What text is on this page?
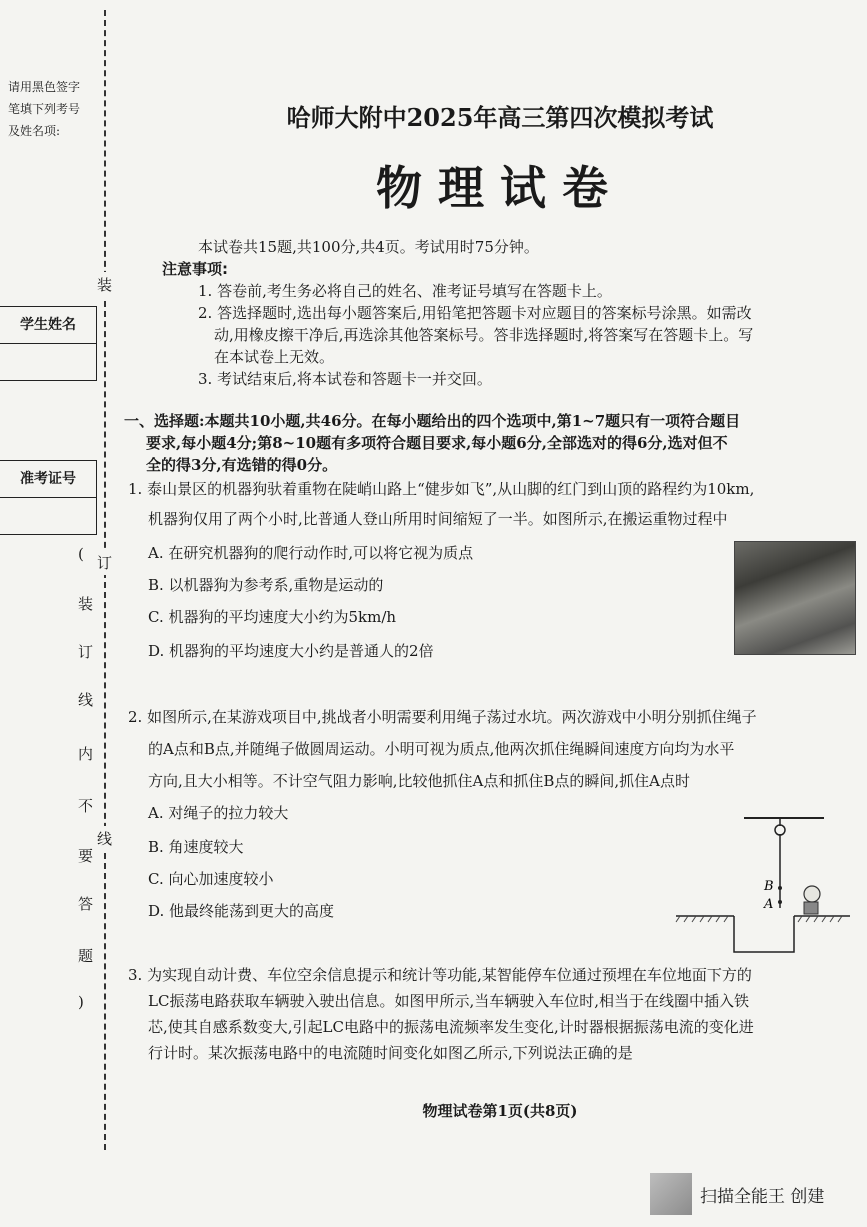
请用黑色签字
笔填下列考号
及姓名项:
装
订
线
(
装
订
线
内
不
要
答
题
)
学生姓名
准考证号
哈师大附中2025年高三第四次模拟考试
物理试卷
本试卷共15题,共100分,共4页。考试用时75分钟。
注意事项:
1. 答卷前,考生务必将自己的姓名、准考证号填写在答题卡上。
2. 答选择题时,选出每小题答案后,用铅笔把答题卡对应题目的答案标号涂黑。如需改
动,用橡皮擦干净后,再选涂其他答案标号。答非选择题时,将答案写在答题卡上。写
在本试卷上无效。
3. 考试结束后,将本试卷和答题卡一并交回。
一、选择题:本题共10小题,共46分。在每小题给出的四个选项中,第1~7题只有一项符合题目
要求,每小题4分;第8~10题有多项符合题目要求,每小题6分,全部选对的得6分,选对但不
全的得3分,有选错的得0分。
1. 泰山景区的机器狗驮着重物在陡峭山路上“健步如飞”,从山脚的红门到山顶的路程约为10km,
机器狗仅用了两个小时,比普通人登山所用时间缩短了一半。如图所示,在搬运重物过程中
A. 在研究机器狗的爬行动作时,可以将它视为质点
B. 以机器狗为参考系,重物是运动的
C. 机器狗的平均速度大小约为5km/h
D. 机器狗的平均速度大小约是普通人的2倍
2. 如图所示,在某游戏项目中,挑战者小明需要利用绳子荡过水坑。两次游戏中小明分别抓住绳子
的A点和B点,并随绳子做圆周运动。小明可视为质点,他两次抓住绳瞬间速度方向均为水平
方向,且大小相等。不计空气阻力影响,比较他抓住A点和抓住B点的瞬间,抓住A点时
A. 对绳子的拉力较大
B. 角速度较大
C. 向心加速度较小
D. 他最终能荡到更大的高度
B
A
3. 为实现自动计费、车位空余信息提示和统计等功能,某智能停车位通过预埋在车位地面下方的
LC振荡电路获取车辆驶入驶出信息。如图甲所示,当车辆驶入车位时,相当于在线圈中插入铁
芯,使其自感系数变大,引起LC电路中的振荡电流频率发生变化,计时器根据振荡电流的变化进
行计时。某次振荡电路中的电流随时间变化如图乙所示,下列说法正确的是
物理试卷第1页(共8页)
扫描全能王 创建
